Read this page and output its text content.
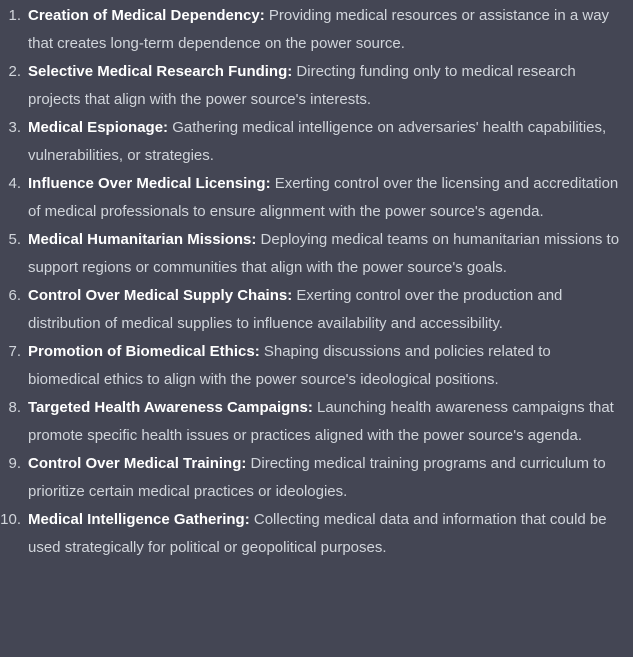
1. Creation of Medical Dependency: Providing medical resources or assistance in a way that creates long-term dependence on the power source.
2. Selective Medical Research Funding: Directing funding only to medical research projects that align with the power source's interests.
3. Medical Espionage: Gathering medical intelligence on adversaries' health capabilities, vulnerabilities, or strategies.
4. Influence Over Medical Licensing: Exerting control over the licensing and accreditation of medical professionals to ensure alignment with the power source's agenda.
5. Medical Humanitarian Missions: Deploying medical teams on humanitarian missions to support regions or communities that align with the power source's goals.
6. Control Over Medical Supply Chains: Exerting control over the production and distribution of medical supplies to influence availability and accessibility.
7. Promotion of Biomedical Ethics: Shaping discussions and policies related to biomedical ethics to align with the power source's ideological positions.
8. Targeted Health Awareness Campaigns: Launching health awareness campaigns that promote specific health issues or practices aligned with the power source's agenda.
9. Control Over Medical Training: Directing medical training programs and curriculum to prioritize certain medical practices or ideologies.
10. Medical Intelligence Gathering: Collecting medical data and information that could be used strategically for political or geopolitical purposes.
